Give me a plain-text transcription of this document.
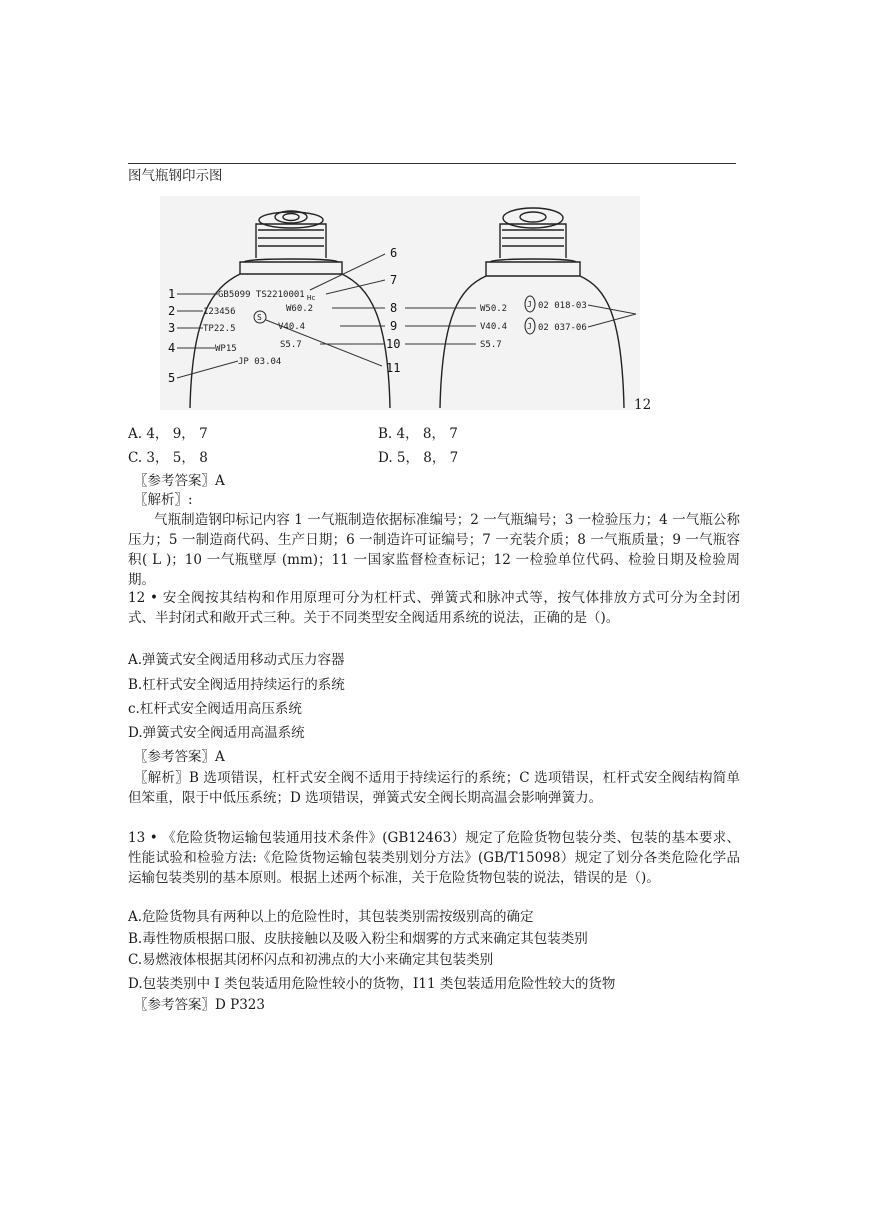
图气瓶钢印示图
GB5099 TS2210001 Hc
123456
TP22.5
WP15
JP 03.04
W60.2
V40.4
S5.7
S
W50.2
V40.4
S5.7
02 018-03
02 037-06
J
J
1
2
3
4
5
6
7
8
9
10
11
12
A. 4， 9， 7	B. 4， 8， 7
C. 3， 5， 8	D. 5， 8， 7
〖参考答案〗A
〖解析〗:
气瓶制造钢印标记内容 1 一气瓶制造依据标准编号；2 一气瓶编号；3 一检验压力；4 一气瓶公称压力；5 一制造商代码、生产日期；6 一制造许可证编号；7 一充装介质；8 一气瓶质量；9 一气瓶容积( L )；10 一气瓶壁厚 (mm)；11 一国家监督检查标记；12 一检验单位代码、检验日期及检验周期。
12 • 安全阀按其结构和作用原理可分为杠杆式、弹簧式和脉冲式等，按气体排放方式可分为全封闭式、半封闭式和敞开式三种。关于不同类型安全阀适用系统的说法，正确的是（)。
A.弹簧式安全阀适用移动式压力容器
B.杠杆式安全阀适用持续运行的系统
c.杠杆式安全阀适用高压系统
D.弹簧式安全阀适用高温系统
〖参考答案〗A
〖解析〗B 选项错误，杠杆式安全阀不适用于持续运行的系统；C 选项错误，杠杆式安全阀结构简单但笨重，限于中低压系统；D 选项错误，弹簧式安全阀长期高温会影响弹簧力。
13 • 《危险货物运输包装通用技术条件》(GB12463）规定了危险货物包装分类、包装的基本要求、性能试验和检验方法:《危险货物运输包装类别划分方法》(GB/T15098）规定了划分各类危险化学品运输包装类别的基本原则。根据上述两个标准，关于危险货物包装的说法，错误的是（)。
A.危险货物具有两种以上的危险性时，其包装类别需按级别高的确定
B.毒性物质根据口服、皮肤接触以及吸入粉尘和烟雾的方式来确定其包装类别
C.易燃液体根据其闭杯闪点和初沸点的大小来确定其包装类别
D.包装类别中 I 类包装适用危险性较小的货物，I11 类包装适用危险性较大的货物
〖参考答案〗D P323
